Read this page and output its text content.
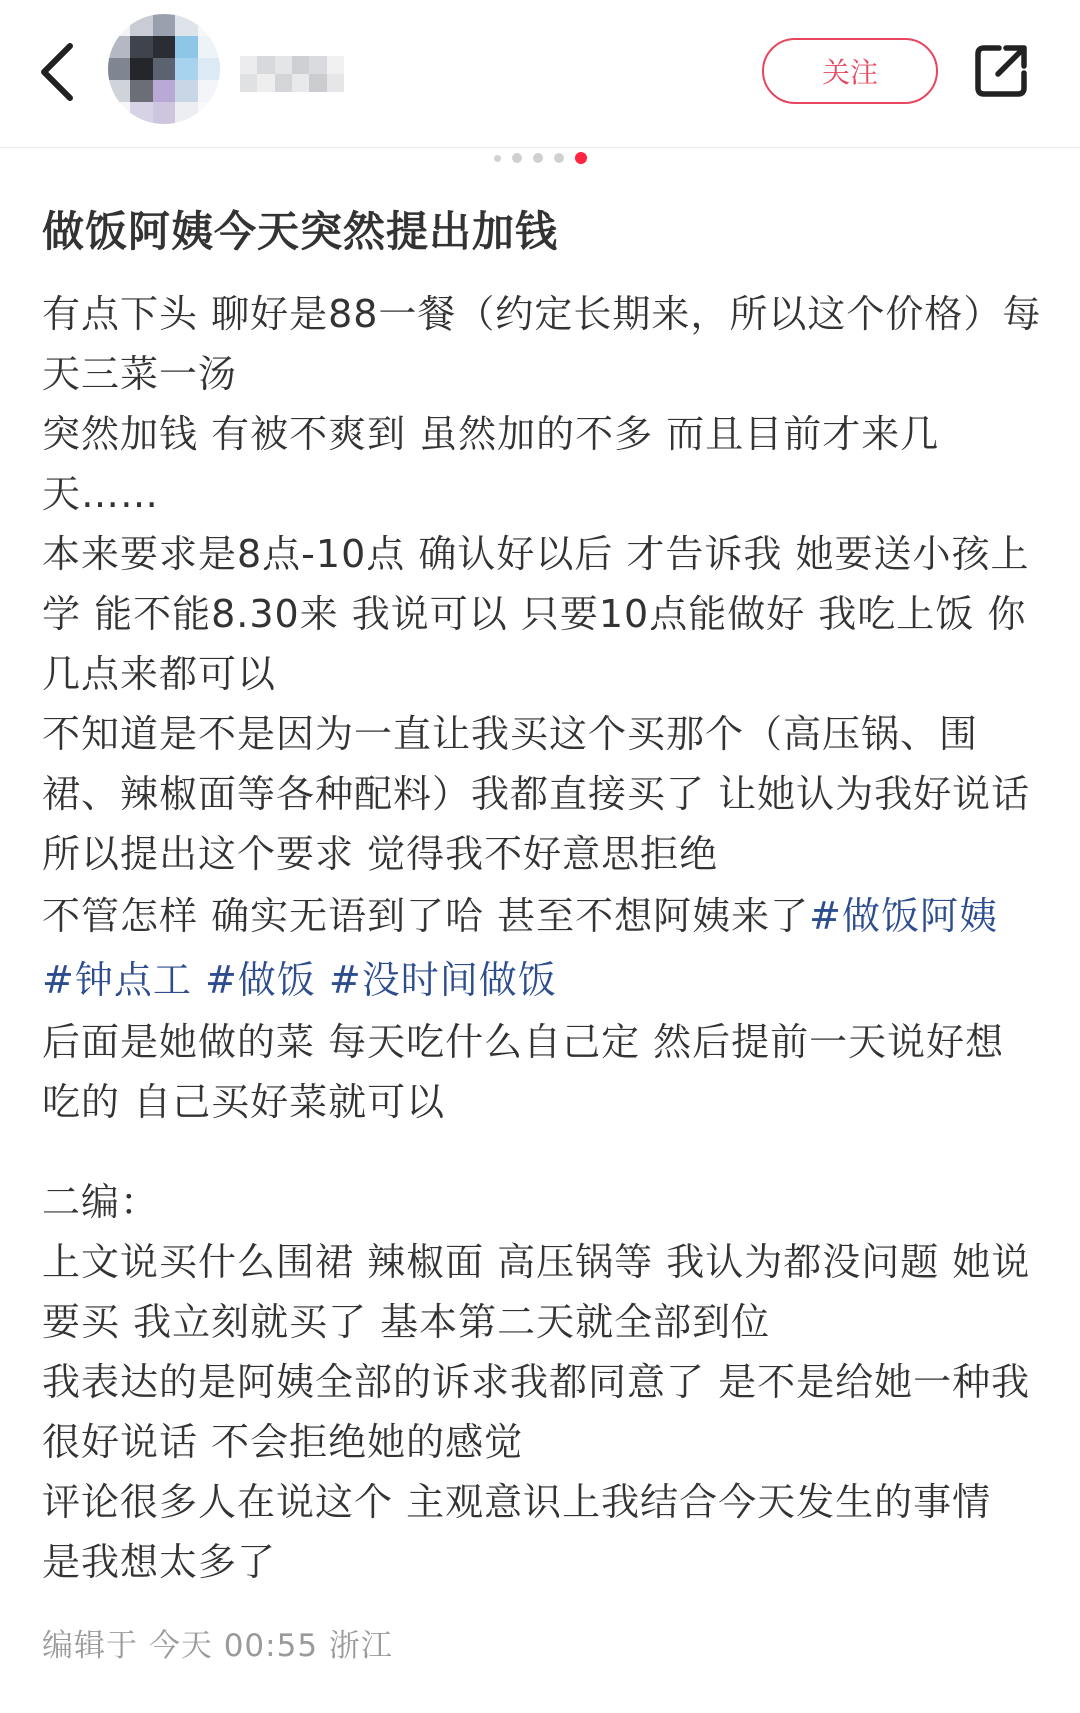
关注
做饭阿姨今天突然提出加钱

有点下头 聊好是88一餐（约定长期来，所以这个价格）每天三菜一汤

突然加钱 有被不爽到 虽然加的不多 而且目前才来几天……

本来要求是8点-10点 确认好以后 才告诉我 她要送小孩上学 能不能8.30来 我说可以 只要10点能做好 我吃上饭 你几点来都可以

不知道是不是因为一直让我买这个买那个（高压锅、围裙、辣椒面等各种配料）我都直接买了 让她认为我好说话 所以提出这个要求 觉得我不好意思拒绝

不管怎样 确实无语到了哈 甚至不想阿姨来了#做饭阿姨 #钟点工 #做饭 #没时间做饭

后面是她做的菜 每天吃什么自己定 然后提前一天说好想吃的 自己买好菜就可以

二编：

上文说买什么围裙 辣椒面 高压锅等 我认为都没问题 她说要买 我立刻就买了 基本第二天就全部到位

我表达的是阿姨全部的诉求我都同意了 是不是给她一种我很好说话 不会拒绝她的感觉

评论很多人在说这个 主观意识上我结合今天发生的事情 是我想太多了

编辑于 今天 00:55 浙江
